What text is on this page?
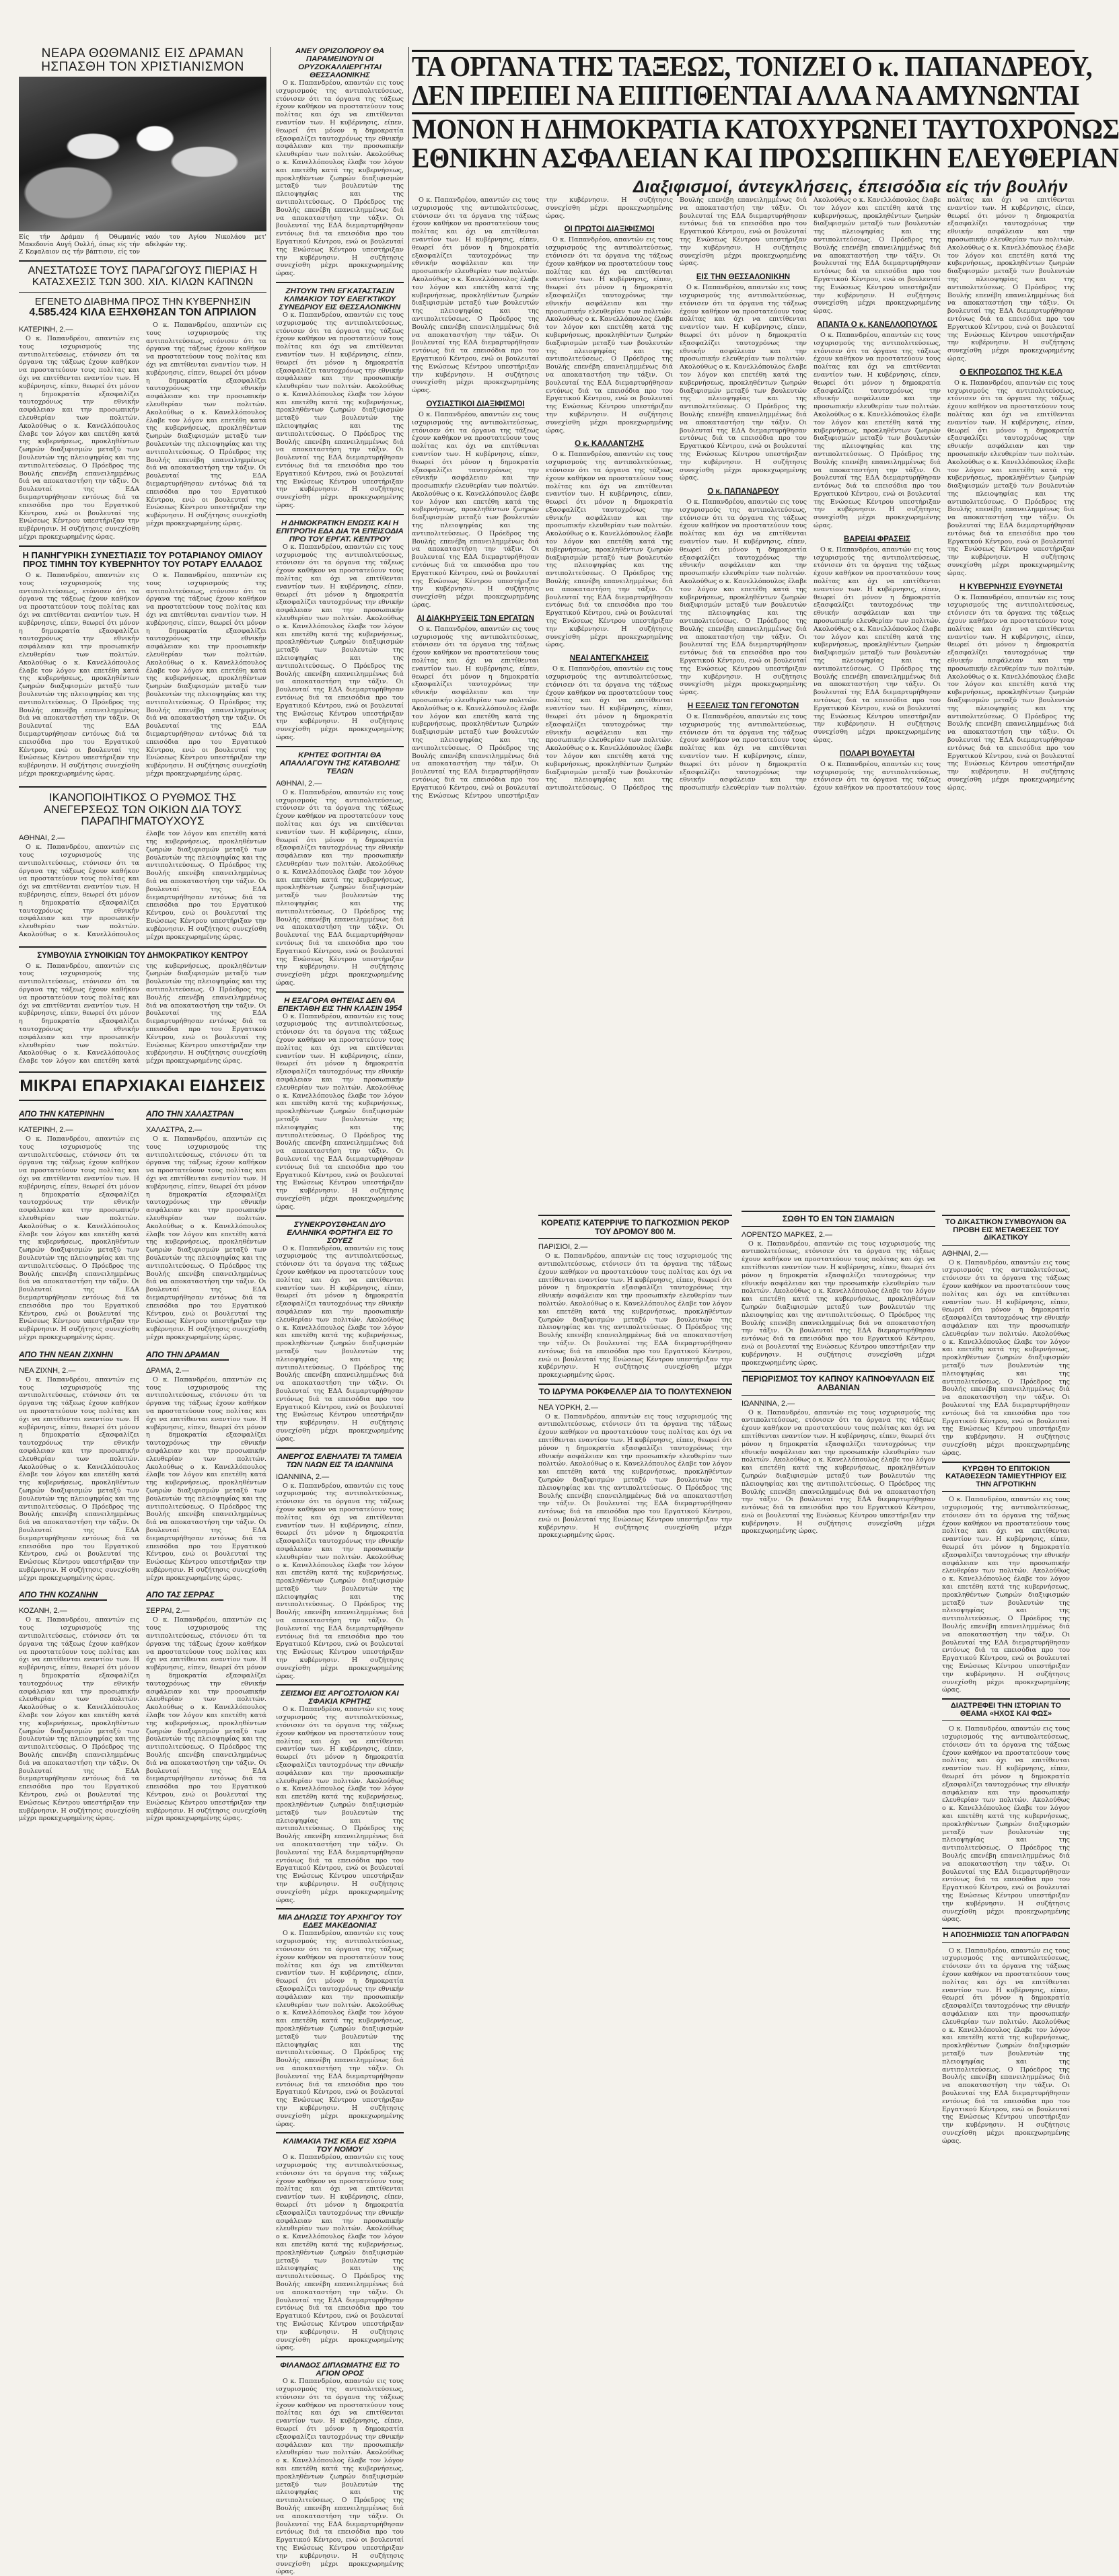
ΝΕΑΡΑ ΘΩΘΜΑΝΙΣ ΕΙΣ ΔΡΑΜΑΝ ΗΣΠΑΣΘΗ ΤΟΝ ΧΡΙΣΤΙΑΝΙΣΜΟΝ

Είς τήν Δράμαν ή Όθωμανίς Μακεδονία Αυγή Ουλλή, όπως είς τήν Ζ Κεφαλαιον εις τήν βάπτισιν, είς τον ναόν του Αγίου Νικολάου μετ' αδελφών της.

ΑΝΕΣΤΑΤΩΣΕ ΤΟΥΣ ΠΑΡΑΓΩΓΟΥΣ ΠΙΕΡΙΑΣ Η ΚΑΤΑΣΧΕΣΙΣ ΤΩΝ 300. ΧΙΛ. ΚΙΛΩΝ ΚΑΠΝΩΝ
ΕΓΕΝΕΤΟ ΔΙΑΒΗΜΑ ΠΡΟΣ ΤΗΝ ΚΥΒΕΡΝΗΣΙΝ
4.585.424 ΚΙΛΑ ΕΞΗΧΘΗΣΑΝ ΤΟΝ ΑΠΡΙΛΙΟΝ
ΚΑΤΕΡΙΝΗ, 2.—

Ο κ. Παπανδρέου, απαντών εις τους ισχυρισμούς της αντιπολιτεύσεως, ετόνισεν ότι τα όργανα της τάξεως έχουν καθήκον να προστατεύουν τους πολίτας και όχι να επιτίθενται εναντίον των. Η κυβέρνησις, είπεν, θεωρεί ότι μόνον η δημοκρατία εξασφαλίζει ταυτοχρόνως την εθνικήν ασφάλειαν και την προσωπικήν ελευθερίαν των πολιτών. Ακολούθως ο κ. Κανελλόπουλος έλαβε τον λόγον και επετέθη κατά της κυβερνήσεως, προκληθέντων ζωηρών διαξιφισμών μεταξύ των βουλευτών της πλειοψηφίας και της αντιπολιτεύσεως. Ο Πρόεδρος της Βουλής επενέβη επανειλημμένως διά να αποκαταστήση την τάξιν. Οι βουλευταί της ΕΔΑ διεμαρτυρήθησαν εντόνως διά τα επεισόδια προ του Εργατικού Κέντρου, ενώ οι βουλευταί της Ενώσεως Κέντρου υπεστήριξαν την κυβέρνησιν. Η συζήτησις συνεχίσθη μέχρι προκεχωρημένης ώρας.

Ο κ. Παπανδρέου, απαντών εις τους ισχυρισμούς της αντιπολιτεύσεως, ετόνισεν ότι τα όργανα της τάξεως έχουν καθήκον να προστατεύουν τους πολίτας και όχι να επιτίθενται εναντίον των. Η κυβέρνησις, είπεν, θεωρεί ότι μόνον η δημοκρατία εξασφαλίζει ταυτοχρόνως την εθνικήν ασφάλειαν και την προσωπικήν ελευθερίαν των πολιτών. Ακολούθως ο κ. Κανελλόπουλος έλαβε τον λόγον και επετέθη κατά της κυβερνήσεως, προκληθέντων ζωηρών διαξιφισμών μεταξύ των βουλευτών της πλειοψηφίας και της αντιπολιτεύσεως. Ο Πρόεδρος της Βουλής επενέβη επανειλημμένως διά να αποκαταστήση την τάξιν. Οι βουλευταί της ΕΔΑ διεμαρτυρήθησαν εντόνως διά τα επεισόδια προ του Εργατικού Κέντρου, ενώ οι βουλευταί της Ενώσεως Κέντρου υπεστήριξαν την κυβέρνησιν. Η συζήτησις συνεχίσθη μέχρι προκεχωρημένης ώρας.

Η ΠΑΝΗΓΥΡΙΚΗ ΣΥΝΕΣΤΙΑΣΙΣ ΤΟΥ ΡΟΤΑΡΙΑΝΟΥ ΟΜΙΛΟΥ ΠΡΟΣ ΤΙΜΗΝ ΤΟΥ ΚΥΒΕΡΝΗΤΟΥ ΤΟΥ ΡΟΤΑΡΥ ΕΛΛΑΔΟΣ

Ο κ. Παπανδρέου, απαντών εις τους ισχυρισμούς της αντιπολιτεύσεως, ετόνισεν ότι τα όργανα της τάξεως έχουν καθήκον να προστατεύουν τους πολίτας και όχι να επιτίθενται εναντίον των. Η κυβέρνησις, είπεν, θεωρεί ότι μόνον η δημοκρατία εξασφαλίζει ταυτοχρόνως την εθνικήν ασφάλειαν και την προσωπικήν ελευθερίαν των πολιτών. Ακολούθως ο κ. Κανελλόπουλος έλαβε τον λόγον και επετέθη κατά της κυβερνήσεως, προκληθέντων ζωηρών διαξιφισμών μεταξύ των βουλευτών της πλειοψηφίας και της αντιπολιτεύσεως. Ο Πρόεδρος της Βουλής επενέβη επανειλημμένως διά να αποκαταστήση την τάξιν. Οι βουλευταί της ΕΔΑ διεμαρτυρήθησαν εντόνως διά τα επεισόδια προ του Εργατικού Κέντρου, ενώ οι βουλευταί της Ενώσεως Κέντρου υπεστήριξαν την κυβέρνησιν. Η συζήτησις συνεχίσθη μέχρι προκεχωρημένης ώρας.

Ο κ. Παπανδρέου, απαντών εις τους ισχυρισμούς της αντιπολιτεύσεως, ετόνισεν ότι τα όργανα της τάξεως έχουν καθήκον να προστατεύουν τους πολίτας και όχι να επιτίθενται εναντίον των. Η κυβέρνησις, είπεν, θεωρεί ότι μόνον η δημοκρατία εξασφαλίζει ταυτοχρόνως την εθνικήν ασφάλειαν και την προσωπικήν ελευθερίαν των πολιτών. Ακολούθως ο κ. Κανελλόπουλος έλαβε τον λόγον και επετέθη κατά της κυβερνήσεως, προκληθέντων ζωηρών διαξιφισμών μεταξύ των βουλευτών της πλειοψηφίας και της αντιπολιτεύσεως. Ο Πρόεδρος της Βουλής επενέβη επανειλημμένως διά να αποκαταστήση την τάξιν. Οι βουλευταί της ΕΔΑ διεμαρτυρήθησαν εντόνως διά τα επεισόδια προ του Εργατικού Κέντρου, ενώ οι βουλευταί της Ενώσεως Κέντρου υπεστήριξαν την κυβέρνησιν. Η συζήτησις συνεχίσθη μέχρι προκεχωρημένης ώρας.

ΙΚΑΝΟΠΟΙΗΤΙΚΟΣ Ο ΡΥΘΜΟΣ ΤΗΣ ΑΝΕΓΕΡΣΕΩΣ ΤΩΝ ΟΙΚΙΩΝ ΔΙΑ ΤΟΥΣ ΠΑΡΑΠΗΓΜΑΤΟΥΧΟΥΣ
ΑΘΗΝΑΙ, 2.—

Ο κ. Παπανδρέου, απαντών εις τους ισχυρισμούς της αντιπολιτεύσεως, ετόνισεν ότι τα όργανα της τάξεως έχουν καθήκον να προστατεύουν τους πολίτας και όχι να επιτίθενται εναντίον των. Η κυβέρνησις, είπεν, θεωρεί ότι μόνον η δημοκρατία εξασφαλίζει ταυτοχρόνως την εθνικήν ασφάλειαν και την προσωπικήν ελευθερίαν των πολιτών. Ακολούθως ο κ. Κανελλόπουλος έλαβε τον λόγον και επετέθη κατά της κυβερνήσεως, προκληθέντων ζωηρών διαξιφισμών μεταξύ των βουλευτών της πλειοψηφίας και της αντιπολιτεύσεως. Ο Πρόεδρος της Βουλής επενέβη επανειλημμένως διά να αποκαταστήση την τάξιν. Οι βουλευταί της ΕΔΑ διεμαρτυρήθησαν εντόνως διά τα επεισόδια προ του Εργατικού Κέντρου, ενώ οι βουλευταί της Ενώσεως Κέντρου υπεστήριξαν την κυβέρνησιν. Η συζήτησις συνεχίσθη μέχρι προκεχωρημένης ώρας.

ΣΥΜΒΟΥΛΙΑ ΣΥΝΟΙΚΙΩΝ ΤΟΥ ΔΗΜΟΚΡΑΤΙΚΟΥ ΚΕΝΤΡΟΥ

Ο κ. Παπανδρέου, απαντών εις τους ισχυρισμούς της αντιπολιτεύσεως, ετόνισεν ότι τα όργανα της τάξεως έχουν καθήκον να προστατεύουν τους πολίτας και όχι να επιτίθενται εναντίον των. Η κυβέρνησις, είπεν, θεωρεί ότι μόνον η δημοκρατία εξασφαλίζει ταυτοχρόνως την εθνικήν ασφάλειαν και την προσωπικήν ελευθερίαν των πολιτών. Ακολούθως ο κ. Κανελλόπουλος έλαβε τον λόγον και επετέθη κατά της κυβερνήσεως, προκληθέντων ζωηρών διαξιφισμών μεταξύ των βουλευτών της πλειοψηφίας και της αντιπολιτεύσεως. Ο Πρόεδρος της Βουλής επενέβη επανειλημμένως διά να αποκαταστήση την τάξιν. Οι βουλευταί της ΕΔΑ διεμαρτυρήθησαν εντόνως διά τα επεισόδια προ του Εργατικού Κέντρου, ενώ οι βουλευταί της Ενώσεως Κέντρου υπεστήριξαν την κυβέρνησιν. Η συζήτησις συνεχίσθη μέχρι προκεχωρημένης ώρας.

ΜΙΚΡΑΙ ΕΠΑΡΧΙΑΚΑΙ ΕΙΔΗΣΕΙΣ
ΑΠΟ ΤΗΝ ΚΑΤΕΡΙΝΗΝ
ΚΑΤΕΡΙΝΗ, 2.—

Ο κ. Παπανδρέου, απαντών εις τους ισχυρισμούς της αντιπολιτεύσεως, ετόνισεν ότι τα όργανα της τάξεως έχουν καθήκον να προστατεύουν τους πολίτας και όχι να επιτίθενται εναντίον των. Η κυβέρνησις, είπεν, θεωρεί ότι μόνον η δημοκρατία εξασφαλίζει ταυτοχρόνως την εθνικήν ασφάλειαν και την προσωπικήν ελευθερίαν των πολιτών. Ακολούθως ο κ. Κανελλόπουλος έλαβε τον λόγον και επετέθη κατά της κυβερνήσεως, προκληθέντων ζωηρών διαξιφισμών μεταξύ των βουλευτών της πλειοψηφίας και της αντιπολιτεύσεως. Ο Πρόεδρος της Βουλής επενέβη επανειλημμένως διά να αποκαταστήση την τάξιν. Οι βουλευταί της ΕΔΑ διεμαρτυρήθησαν εντόνως διά τα επεισόδια προ του Εργατικού Κέντρου, ενώ οι βουλευταί της Ενώσεως Κέντρου υπεστήριξαν την κυβέρνησιν. Η συζήτησις συνεχίσθη μέχρι προκεχωρημένης ώρας.

ΑΠΟ ΤΗΝ ΝΕΑΝ ΖΙΧΝΗΝ
ΝΕΑ ΖΙΧΝΗ, 2.—

Ο κ. Παπανδρέου, απαντών εις τους ισχυρισμούς της αντιπολιτεύσεως, ετόνισεν ότι τα όργανα της τάξεως έχουν καθήκον να προστατεύουν τους πολίτας και όχι να επιτίθενται εναντίον των. Η κυβέρνησις, είπεν, θεωρεί ότι μόνον η δημοκρατία εξασφαλίζει ταυτοχρόνως την εθνικήν ασφάλειαν και την προσωπικήν ελευθερίαν των πολιτών. Ακολούθως ο κ. Κανελλόπουλος έλαβε τον λόγον και επετέθη κατά της κυβερνήσεως, προκληθέντων ζωηρών διαξιφισμών μεταξύ των βουλευτών της πλειοψηφίας και της αντιπολιτεύσεως. Ο Πρόεδρος της Βουλής επενέβη επανειλημμένως διά να αποκαταστήση την τάξιν. Οι βουλευταί της ΕΔΑ διεμαρτυρήθησαν εντόνως διά τα επεισόδια προ του Εργατικού Κέντρου, ενώ οι βουλευταί της Ενώσεως Κέντρου υπεστήριξαν την κυβέρνησιν. Η συζήτησις συνεχίσθη μέχρι προκεχωρημένης ώρας.

ΑΠΟ ΤΗΝ ΚΟΖΑΝΗΝ
ΚΟΖΑΝΗ, 2.—

Ο κ. Παπανδρέου, απαντών εις τους ισχυρισμούς της αντιπολιτεύσεως, ετόνισεν ότι τα όργανα της τάξεως έχουν καθήκον να προστατεύουν τους πολίτας και όχι να επιτίθενται εναντίον των. Η κυβέρνησις, είπεν, θεωρεί ότι μόνον η δημοκρατία εξασφαλίζει ταυτοχρόνως την εθνικήν ασφάλειαν και την προσωπικήν ελευθερίαν των πολιτών. Ακολούθως ο κ. Κανελλόπουλος έλαβε τον λόγον και επετέθη κατά της κυβερνήσεως, προκληθέντων ζωηρών διαξιφισμών μεταξύ των βουλευτών της πλειοψηφίας και της αντιπολιτεύσεως. Ο Πρόεδρος της Βουλής επενέβη επανειλημμένως διά να αποκαταστήση την τάξιν. Οι βουλευταί της ΕΔΑ διεμαρτυρήθησαν εντόνως διά τα επεισόδια προ του Εργατικού Κέντρου, ενώ οι βουλευταί της Ενώσεως Κέντρου υπεστήριξαν την κυβέρνησιν. Η συζήτησις συνεχίσθη μέχρι προκεχωρημένης ώρας.

ΑΠΟ ΤΗΝ ΧΑΛΑΣΤΡΑΝ
ΧΑΛΑΣΤΡΑ, 2.—

Ο κ. Παπανδρέου, απαντών εις τους ισχυρισμούς της αντιπολιτεύσεως, ετόνισεν ότι τα όργανα της τάξεως έχουν καθήκον να προστατεύουν τους πολίτας και όχι να επιτίθενται εναντίον των. Η κυβέρνησις, είπεν, θεωρεί ότι μόνον η δημοκρατία εξασφαλίζει ταυτοχρόνως την εθνικήν ασφάλειαν και την προσωπικήν ελευθερίαν των πολιτών. Ακολούθως ο κ. Κανελλόπουλος έλαβε τον λόγον και επετέθη κατά της κυβερνήσεως, προκληθέντων ζωηρών διαξιφισμών μεταξύ των βουλευτών της πλειοψηφίας και της αντιπολιτεύσεως. Ο Πρόεδρος της Βουλής επενέβη επανειλημμένως διά να αποκαταστήση την τάξιν. Οι βουλευταί της ΕΔΑ διεμαρτυρήθησαν εντόνως διά τα επεισόδια προ του Εργατικού Κέντρου, ενώ οι βουλευταί της Ενώσεως Κέντρου υπεστήριξαν την κυβέρνησιν. Η συζήτησις συνεχίσθη μέχρι προκεχωρημένης ώρας.

ΑΠΟ ΤΗΝ ΔΡΑΜΑΝ
ΔΡΑΜΑ, 2.—

Ο κ. Παπανδρέου, απαντών εις τους ισχυρισμούς της αντιπολιτεύσεως, ετόνισεν ότι τα όργανα της τάξεως έχουν καθήκον να προστατεύουν τους πολίτας και όχι να επιτίθενται εναντίον των. Η κυβέρνησις, είπεν, θεωρεί ότι μόνον η δημοκρατία εξασφαλίζει ταυτοχρόνως την εθνικήν ασφάλειαν και την προσωπικήν ελευθερίαν των πολιτών. Ακολούθως ο κ. Κανελλόπουλος έλαβε τον λόγον και επετέθη κατά της κυβερνήσεως, προκληθέντων ζωηρών διαξιφισμών μεταξύ των βουλευτών της πλειοψηφίας και της αντιπολιτεύσεως. Ο Πρόεδρος της Βουλής επενέβη επανειλημμένως διά να αποκαταστήση την τάξιν. Οι βουλευταί της ΕΔΑ διεμαρτυρήθησαν εντόνως διά τα επεισόδια προ του Εργατικού Κέντρου, ενώ οι βουλευταί της Ενώσεως Κέντρου υπεστήριξαν την κυβέρνησιν. Η συζήτησις συνεχίσθη μέχρι προκεχωρημένης ώρας.

ΑΠΟ ΤΑΣ ΣΕΡΡΑΣ
ΣΕΡΡΑΙ, 2.—

Ο κ. Παπανδρέου, απαντών εις τους ισχυρισμούς της αντιπολιτεύσεως, ετόνισεν ότι τα όργανα της τάξεως έχουν καθήκον να προστατεύουν τους πολίτας και όχι να επιτίθενται εναντίον των. Η κυβέρνησις, είπεν, θεωρεί ότι μόνον η δημοκρατία εξασφαλίζει ταυτοχρόνως την εθνικήν ασφάλειαν και την προσωπικήν ελευθερίαν των πολιτών. Ακολούθως ο κ. Κανελλόπουλος έλαβε τον λόγον και επετέθη κατά της κυβερνήσεως, προκληθέντων ζωηρών διαξιφισμών μεταξύ των βουλευτών της πλειοψηφίας και της αντιπολιτεύσεως. Ο Πρόεδρος της Βουλής επενέβη επανειλημμένως διά να αποκαταστήση την τάξιν. Οι βουλευταί της ΕΔΑ διεμαρτυρήθησαν εντόνως διά τα επεισόδια προ του Εργατικού Κέντρου, ενώ οι βουλευταί της Ενώσεως Κέντρου υπεστήριξαν την κυβέρνησιν. Η συζήτησις συνεχίσθη μέχρι προκεχωρημένης ώρας.

ΑΝΕΥ ΟΡΙΖΟΠΟΡΟΥ ΘΑ ΠΑΡΑΜΕΙΝΟΥΝ ΟΙ ΟΡΥΖΟΚΑΛΛΙΕΡΓΗΤΑΙ ΘΕΣΣΑΛΟΝΙΚΗΣ

Ο κ. Παπανδρέου, απαντών εις τους ισχυρισμούς της αντιπολιτεύσεως, ετόνισεν ότι τα όργανα της τάξεως έχουν καθήκον να προστατεύουν τους πολίτας και όχι να επιτίθενται εναντίον των. Η κυβέρνησις, είπεν, θεωρεί ότι μόνον η δημοκρατία εξασφαλίζει ταυτοχρόνως την εθνικήν ασφάλειαν και την προσωπικήν ελευθερίαν των πολιτών. Ακολούθως ο κ. Κανελλόπουλος έλαβε τον λόγον και επετέθη κατά της κυβερνήσεως, προκληθέντων ζωηρών διαξιφισμών μεταξύ των βουλευτών της πλειοψηφίας και της αντιπολιτεύσεως. Ο Πρόεδρος της Βουλής επενέβη επανειλημμένως διά να αποκαταστήση την τάξιν. Οι βουλευταί της ΕΔΑ διεμαρτυρήθησαν εντόνως διά τα επεισόδια προ του Εργατικού Κέντρου, ενώ οι βουλευταί της Ενώσεως Κέντρου υπεστήριξαν την κυβέρνησιν. Η συζήτησις συνεχίσθη μέχρι προκεχωρημένης ώρας.

ΖΗΤΟΥΝ ΤΗΝ ΕΓΚΑΤΑΣΤΑΣΙΝ ΚΛΙΜΑΚΙΟΥ ΤΟΥ ΕΛΕΓΚΤΙΚΟΥ ΣΥΝΕΔΡΙΟΥ ΕΙΣ ΘΕΣΣΑΛΟΝΙΚΗΝ

Ο κ. Παπανδρέου, απαντών εις τους ισχυρισμούς της αντιπολιτεύσεως, ετόνισεν ότι τα όργανα της τάξεως έχουν καθήκον να προστατεύουν τους πολίτας και όχι να επιτίθενται εναντίον των. Η κυβέρνησις, είπεν, θεωρεί ότι μόνον η δημοκρατία εξασφαλίζει ταυτοχρόνως την εθνικήν ασφάλειαν και την προσωπικήν ελευθερίαν των πολιτών. Ακολούθως ο κ. Κανελλόπουλος έλαβε τον λόγον και επετέθη κατά της κυβερνήσεως, προκληθέντων ζωηρών διαξιφισμών μεταξύ των βουλευτών της πλειοψηφίας και της αντιπολιτεύσεως. Ο Πρόεδρος της Βουλής επενέβη επανειλημμένως διά να αποκαταστήση την τάξιν. Οι βουλευταί της ΕΔΑ διεμαρτυρήθησαν εντόνως διά τα επεισόδια προ του Εργατικού Κέντρου, ενώ οι βουλευταί της Ενώσεως Κέντρου υπεστήριξαν την κυβέρνησιν. Η συζήτησις συνεχίσθη μέχρι προκεχωρημένης ώρας.

Η ΔΗΜΟΚΡΑΤΙΚΗ ΕΝΩΣΙΣ ΚΑΙ Η ΕΠΙΤΡΟΠΗ ΕΔΑ ΔΙΑ ΤΑ ΕΠΕΙΣΟΔΙΑ ΠΡΟ ΤΟΥ ΕΡΓΑΤ. ΚΕΝΤΡΟΥ

Ο κ. Παπανδρέου, απαντών εις τους ισχυρισμούς της αντιπολιτεύσεως, ετόνισεν ότι τα όργανα της τάξεως έχουν καθήκον να προστατεύουν τους πολίτας και όχι να επιτίθενται εναντίον των. Η κυβέρνησις, είπεν, θεωρεί ότι μόνον η δημοκρατία εξασφαλίζει ταυτοχρόνως την εθνικήν ασφάλειαν και την προσωπικήν ελευθερίαν των πολιτών. Ακολούθως ο κ. Κανελλόπουλος έλαβε τον λόγον και επετέθη κατά της κυβερνήσεως, προκληθέντων ζωηρών διαξιφισμών μεταξύ των βουλευτών της πλειοψηφίας και της αντιπολιτεύσεως. Ο Πρόεδρος της Βουλής επενέβη επανειλημμένως διά να αποκαταστήση την τάξιν. Οι βουλευταί της ΕΔΑ διεμαρτυρήθησαν εντόνως διά τα επεισόδια προ του Εργατικού Κέντρου, ενώ οι βουλευταί της Ενώσεως Κέντρου υπεστήριξαν την κυβέρνησιν. Η συζήτησις συνεχίσθη μέχρι προκεχωρημένης ώρας.

ΚΡΗΤΕΣ ΦΟΙΤΗΤΑΙ ΘΑ ΑΠΑΛΛΑΓΟΥΝ ΤΗΣ ΚΑΤΑΒΟΛΗΣ ΤΕΛΩΝ
ΑΘΗΝΑΙ, 2.—

Ο κ. Παπανδρέου, απαντών εις τους ισχυρισμούς της αντιπολιτεύσεως, ετόνισεν ότι τα όργανα της τάξεως έχουν καθήκον να προστατεύουν τους πολίτας και όχι να επιτίθενται εναντίον των. Η κυβέρνησις, είπεν, θεωρεί ότι μόνον η δημοκρατία εξασφαλίζει ταυτοχρόνως την εθνικήν ασφάλειαν και την προσωπικήν ελευθερίαν των πολιτών. Ακολούθως ο κ. Κανελλόπουλος έλαβε τον λόγον και επετέθη κατά της κυβερνήσεως, προκληθέντων ζωηρών διαξιφισμών μεταξύ των βουλευτών της πλειοψηφίας και της αντιπολιτεύσεως. Ο Πρόεδρος της Βουλής επενέβη επανειλημμένως διά να αποκαταστήση την τάξιν. Οι βουλευταί της ΕΔΑ διεμαρτυρήθησαν εντόνως διά τα επεισόδια προ του Εργατικού Κέντρου, ενώ οι βουλευταί της Ενώσεως Κέντρου υπεστήριξαν την κυβέρνησιν. Η συζήτησις συνεχίσθη μέχρι προκεχωρημένης ώρας.

Η ΕΞΑΓΟΡΑ ΘΗΤΕΙΑΣ ΔΕΝ ΘΑ ΕΠΕΚΤΑΘΗ ΕΙΣ ΤΗΝ ΚΛΑΣΙΝ 1954

Ο κ. Παπανδρέου, απαντών εις τους ισχυρισμούς της αντιπολιτεύσεως, ετόνισεν ότι τα όργανα της τάξεως έχουν καθήκον να προστατεύουν τους πολίτας και όχι να επιτίθενται εναντίον των. Η κυβέρνησις, είπεν, θεωρεί ότι μόνον η δημοκρατία εξασφαλίζει ταυτοχρόνως την εθνικήν ασφάλειαν και την προσωπικήν ελευθερίαν των πολιτών. Ακολούθως ο κ. Κανελλόπουλος έλαβε τον λόγον και επετέθη κατά της κυβερνήσεως, προκληθέντων ζωηρών διαξιφισμών μεταξύ των βουλευτών της πλειοψηφίας και της αντιπολιτεύσεως. Ο Πρόεδρος της Βουλής επενέβη επανειλημμένως διά να αποκαταστήση την τάξιν. Οι βουλευταί της ΕΔΑ διεμαρτυρήθησαν εντόνως διά τα επεισόδια προ του Εργατικού Κέντρου, ενώ οι βουλευταί της Ενώσεως Κέντρου υπεστήριξαν την κυβέρνησιν. Η συζήτησις συνεχίσθη μέχρι προκεχωρημένης ώρας.

ΣΥΝΕΚΡΟΥΣΘΗΣΑΝ ΔΥΟ ΕΛΛΗΝΙΚΑ ΦΟΡΤΗΓΑ ΕΙΣ ΤΟ ΣΟΥΕΖ

Ο κ. Παπανδρέου, απαντών εις τους ισχυρισμούς της αντιπολιτεύσεως, ετόνισεν ότι τα όργανα της τάξεως έχουν καθήκον να προστατεύουν τους πολίτας και όχι να επιτίθενται εναντίον των. Η κυβέρνησις, είπεν, θεωρεί ότι μόνον η δημοκρατία εξασφαλίζει ταυτοχρόνως την εθνικήν ασφάλειαν και την προσωπικήν ελευθερίαν των πολιτών. Ακολούθως ο κ. Κανελλόπουλος έλαβε τον λόγον και επετέθη κατά της κυβερνήσεως, προκληθέντων ζωηρών διαξιφισμών μεταξύ των βουλευτών της πλειοψηφίας και της αντιπολιτεύσεως. Ο Πρόεδρος της Βουλής επενέβη επανειλημμένως διά να αποκαταστήση την τάξιν. Οι βουλευταί της ΕΔΑ διεμαρτυρήθησαν εντόνως διά τα επεισόδια προ του Εργατικού Κέντρου, ενώ οι βουλευταί της Ενώσεως Κέντρου υπεστήριξαν την κυβέρνησιν. Η συζήτησις συνεχίσθη μέχρι προκεχωρημένης ώρας.

ΑΝΕΡΓΟΣ ΕΛΕΗΛΑΤΕΙ ΤΑ ΤΑΜΕΙΑ ΤΩΝ ΝΑΩΝ ΕΙΣ ΤΑ ΙΩΑΝΝΙΝΑ
ΙΩΑΝΝΙΝΑ, 2.—

Ο κ. Παπανδρέου, απαντών εις τους ισχυρισμούς της αντιπολιτεύσεως, ετόνισεν ότι τα όργανα της τάξεως έχουν καθήκον να προστατεύουν τους πολίτας και όχι να επιτίθενται εναντίον των. Η κυβέρνησις, είπεν, θεωρεί ότι μόνον η δημοκρατία εξασφαλίζει ταυτοχρόνως την εθνικήν ασφάλειαν και την προσωπικήν ελευθερίαν των πολιτών. Ακολούθως ο κ. Κανελλόπουλος έλαβε τον λόγον και επετέθη κατά της κυβερνήσεως, προκληθέντων ζωηρών διαξιφισμών μεταξύ των βουλευτών της πλειοψηφίας και της αντιπολιτεύσεως. Ο Πρόεδρος της Βουλής επενέβη επανειλημμένως διά να αποκαταστήση την τάξιν. Οι βουλευταί της ΕΔΑ διεμαρτυρήθησαν εντόνως διά τα επεισόδια προ του Εργατικού Κέντρου, ενώ οι βουλευταί της Ενώσεως Κέντρου υπεστήριξαν την κυβέρνησιν. Η συζήτησις συνεχίσθη μέχρι προκεχωρημένης ώρας.

ΣΕΙΣΜΟΙ ΕΙΣ ΑΡΓΟΣΤΟΛΙΟΝ ΚΑΙ ΣΦΑΚΙΑ ΚΡΗΤΗΣ

Ο κ. Παπανδρέου, απαντών εις τους ισχυρισμούς της αντιπολιτεύσεως, ετόνισεν ότι τα όργανα της τάξεως έχουν καθήκον να προστατεύουν τους πολίτας και όχι να επιτίθενται εναντίον των. Η κυβέρνησις, είπεν, θεωρεί ότι μόνον η δημοκρατία εξασφαλίζει ταυτοχρόνως την εθνικήν ασφάλειαν και την προσωπικήν ελευθερίαν των πολιτών. Ακολούθως ο κ. Κανελλόπουλος έλαβε τον λόγον και επετέθη κατά της κυβερνήσεως, προκληθέντων ζωηρών διαξιφισμών μεταξύ των βουλευτών της πλειοψηφίας και της αντιπολιτεύσεως. Ο Πρόεδρος της Βουλής επενέβη επανειλημμένως διά να αποκαταστήση την τάξιν. Οι βουλευταί της ΕΔΑ διεμαρτυρήθησαν εντόνως διά τα επεισόδια προ του Εργατικού Κέντρου, ενώ οι βουλευταί της Ενώσεως Κέντρου υπεστήριξαν την κυβέρνησιν. Η συζήτησις συνεχίσθη μέχρι προκεχωρημένης ώρας.

ΜΙΑ ΔΗΛΩΣΙΣ ΤΟΥ ΑΡΧΗΓΟΥ ΤΟΥ ΕΔΕΣ ΜΑΚΕΔΟΝΙΑΣ

Ο κ. Παπανδρέου, απαντών εις τους ισχυρισμούς της αντιπολιτεύσεως, ετόνισεν ότι τα όργανα της τάξεως έχουν καθήκον να προστατεύουν τους πολίτας και όχι να επιτίθενται εναντίον των. Η κυβέρνησις, είπεν, θεωρεί ότι μόνον η δημοκρατία εξασφαλίζει ταυτοχρόνως την εθνικήν ασφάλειαν και την προσωπικήν ελευθερίαν των πολιτών. Ακολούθως ο κ. Κανελλόπουλος έλαβε τον λόγον και επετέθη κατά της κυβερνήσεως, προκληθέντων ζωηρών διαξιφισμών μεταξύ των βουλευτών της πλειοψηφίας και της αντιπολιτεύσεως. Ο Πρόεδρος της Βουλής επενέβη επανειλημμένως διά να αποκαταστήση την τάξιν. Οι βουλευταί της ΕΔΑ διεμαρτυρήθησαν εντόνως διά τα επεισόδια προ του Εργατικού Κέντρου, ενώ οι βουλευταί της Ενώσεως Κέντρου υπεστήριξαν την κυβέρνησιν. Η συζήτησις συνεχίσθη μέχρι προκεχωρημένης ώρας.

ΚΛΙΜΑΚΙΑ ΤΗΣ ΚΕΑ ΕΙΣ ΧΩΡΙΑ ΤΟΥ ΝΟΜΟΥ

Ο κ. Παπανδρέου, απαντών εις τους ισχυρισμούς της αντιπολιτεύσεως, ετόνισεν ότι τα όργανα της τάξεως έχουν καθήκον να προστατεύουν τους πολίτας και όχι να επιτίθενται εναντίον των. Η κυβέρνησις, είπεν, θεωρεί ότι μόνον η δημοκρατία εξασφαλίζει ταυτοχρόνως την εθνικήν ασφάλειαν και την προσωπικήν ελευθερίαν των πολιτών. Ακολούθως ο κ. Κανελλόπουλος έλαβε τον λόγον και επετέθη κατά της κυβερνήσεως, προκληθέντων ζωηρών διαξιφισμών μεταξύ των βουλευτών της πλειοψηφίας και της αντιπολιτεύσεως. Ο Πρόεδρος της Βουλής επενέβη επανειλημμένως διά να αποκαταστήση την τάξιν. Οι βουλευταί της ΕΔΑ διεμαρτυρήθησαν εντόνως διά τα επεισόδια προ του Εργατικού Κέντρου, ενώ οι βουλευταί της Ενώσεως Κέντρου υπεστήριξαν την κυβέρνησιν. Η συζήτησις συνεχίσθη μέχρι προκεχωρημένης ώρας.

ΦΙΛΑΝΔΟΣ ΔΙΠΛΩΜΑΤΗΣ ΕΙΣ ΤΟ ΑΓΙΟΝ ΟΡΟΣ

Ο κ. Παπανδρέου, απαντών εις τους ισχυρισμούς της αντιπολιτεύσεως, ετόνισεν ότι τα όργανα της τάξεως έχουν καθήκον να προστατεύουν τους πολίτας και όχι να επιτίθενται εναντίον των. Η κυβέρνησις, είπεν, θεωρεί ότι μόνον η δημοκρατία εξασφαλίζει ταυτοχρόνως την εθνικήν ασφάλειαν και την προσωπικήν ελευθερίαν των πολιτών. Ακολούθως ο κ. Κανελλόπουλος έλαβε τον λόγον και επετέθη κατά της κυβερνήσεως, προκληθέντων ζωηρών διαξιφισμών μεταξύ των βουλευτών της πλειοψηφίας και της αντιπολιτεύσεως. Ο Πρόεδρος της Βουλής επενέβη επανειλημμένως διά να αποκαταστήση την τάξιν. Οι βουλευταί της ΕΔΑ διεμαρτυρήθησαν εντόνως διά τα επεισόδια προ του Εργατικού Κέντρου, ενώ οι βουλευταί της Ενώσεως Κέντρου υπεστήριξαν την κυβέρνησιν. Η συζήτησις συνεχίσθη μέχρι προκεχωρημένης ώρας.

ΤΑ ΟΡΓΑΝΑ ΤΗΣ ΤΑΞΕΩΣ, ΤΟΝΙΖΕΙ Ο κ. ΠΑΠΑΝΔΡΕΟΥ,

ΔΕΝ ΠΡΕΠΕΙ ΝΑ ΕΠΙΤΙΘΕΝΤΑΙ ΑΛΛΑ ΝΑ ΑΜΥΝΩΝΤΑΙ

ΜΟΝΟΝ Η ΔΗΜΟΚΡΑΤΙΑ ΚΑΤΟΧΥΡΩΝΕΙ ΤΑΥΤΟΧΡΟΝΩΣ

ΕΘΝΙΚΗΝ ΑΣΦΑΛΕΙΑΝ ΚΑΙ ΠΡΟΣΩΠΙΚΗΝ ΕΛΕΥΘΕΡΙΑΝ

Διαξιφισμοί, άντεγκλήσεις, έπεισόδια είς τήν βουλήν

Ο κ. Παπανδρέου, απαντών εις τους ισχυρισμούς της αντιπολιτεύσεως, ετόνισεν ότι τα όργανα της τάξεως έχουν καθήκον να προστατεύουν τους πολίτας και όχι να επιτίθενται εναντίον των. Η κυβέρνησις, είπεν, θεωρεί ότι μόνον η δημοκρατία εξασφαλίζει ταυτοχρόνως την εθνικήν ασφάλειαν και την προσωπικήν ελευθερίαν των πολιτών. Ακολούθως ο κ. Κανελλόπουλος έλαβε τον λόγον και επετέθη κατά της κυβερνήσεως, προκληθέντων ζωηρών διαξιφισμών μεταξύ των βουλευτών της πλειοψηφίας και της αντιπολιτεύσεως. Ο Πρόεδρος της Βουλής επενέβη επανειλημμένως διά να αποκαταστήση την τάξιν. Οι βουλευταί της ΕΔΑ διεμαρτυρήθησαν εντόνως διά τα επεισόδια προ του Εργατικού Κέντρου, ενώ οι βουλευταί της Ενώσεως Κέντρου υπεστήριξαν την κυβέρνησιν. Η συζήτησις συνεχίσθη μέχρι προκεχωρημένης ώρας.

ΟΥΣΙΑΣΤΙΚΟΙ ΔΙΑΞΙΦΙΣΜΟΙ

Ο κ. Παπανδρέου, απαντών εις τους ισχυρισμούς της αντιπολιτεύσεως, ετόνισεν ότι τα όργανα της τάξεως έχουν καθήκον να προστατεύουν τους πολίτας και όχι να επιτίθενται εναντίον των. Η κυβέρνησις, είπεν, θεωρεί ότι μόνον η δημοκρατία εξασφαλίζει ταυτοχρόνως την εθνικήν ασφάλειαν και την προσωπικήν ελευθερίαν των πολιτών. Ακολούθως ο κ. Κανελλόπουλος έλαβε τον λόγον και επετέθη κατά της κυβερνήσεως, προκληθέντων ζωηρών διαξιφισμών μεταξύ των βουλευτών της πλειοψηφίας και της αντιπολιτεύσεως. Ο Πρόεδρος της Βουλής επενέβη επανειλημμένως διά να αποκαταστήση την τάξιν. Οι βουλευταί της ΕΔΑ διεμαρτυρήθησαν εντόνως διά τα επεισόδια προ του Εργατικού Κέντρου, ενώ οι βουλευταί της Ενώσεως Κέντρου υπεστήριξαν την κυβέρνησιν. Η συζήτησις συνεχίσθη μέχρι προκεχωρημένης ώρας.

ΑΙ ΔΙΑΚΗΡΥΞΕΙΣ ΤΩΝ ΕΡΓΑΤΩΝ

Ο κ. Παπανδρέου, απαντών εις τους ισχυρισμούς της αντιπολιτεύσεως, ετόνισεν ότι τα όργανα της τάξεως έχουν καθήκον να προστατεύουν τους πολίτας και όχι να επιτίθενται εναντίον των. Η κυβέρνησις, είπεν, θεωρεί ότι μόνον η δημοκρατία εξασφαλίζει ταυτοχρόνως την εθνικήν ασφάλειαν και την προσωπικήν ελευθερίαν των πολιτών. Ακολούθως ο κ. Κανελλόπουλος έλαβε τον λόγον και επετέθη κατά της κυβερνήσεως, προκληθέντων ζωηρών διαξιφισμών μεταξύ των βουλευτών της πλειοψηφίας και της αντιπολιτεύσεως. Ο Πρόεδρος της Βουλής επενέβη επανειλημμένως διά να αποκαταστήση την τάξιν. Οι βουλευταί της ΕΔΑ διεμαρτυρήθησαν εντόνως διά τα επεισόδια προ του Εργατικού Κέντρου, ενώ οι βουλευταί της Ενώσεως Κέντρου υπεστήριξαν την κυβέρνησιν. Η συζήτησις συνεχίσθη μέχρι προκεχωρημένης ώρας.

ΟΙ ΠΡΩΤΟΙ ΔΙΑΞΙΦΙΣΜΟΙ

Ο κ. Παπανδρέου, απαντών εις τους ισχυρισμούς της αντιπολιτεύσεως, ετόνισεν ότι τα όργανα της τάξεως έχουν καθήκον να προστατεύουν τους πολίτας και όχι να επιτίθενται εναντίον των. Η κυβέρνησις, είπεν, θεωρεί ότι μόνον η δημοκρατία εξασφαλίζει ταυτοχρόνως την εθνικήν ασφάλειαν και την προσωπικήν ελευθερίαν των πολιτών. Ακολούθως ο κ. Κανελλόπουλος έλαβε τον λόγον και επετέθη κατά της κυβερνήσεως, προκληθέντων ζωηρών διαξιφισμών μεταξύ των βουλευτών της πλειοψηφίας και της αντιπολιτεύσεως. Ο Πρόεδρος της Βουλής επενέβη επανειλημμένως διά να αποκαταστήση την τάξιν. Οι βουλευταί της ΕΔΑ διεμαρτυρήθησαν εντόνως διά τα επεισόδια προ του Εργατικού Κέντρου, ενώ οι βουλευταί της Ενώσεως Κέντρου υπεστήριξαν την κυβέρνησιν. Η συζήτησις συνεχίσθη μέχρι προκεχωρημένης ώρας.

Ο κ. ΚΑΛΛΑΝΤΖΗΣ

Ο κ. Παπανδρέου, απαντών εις τους ισχυρισμούς της αντιπολιτεύσεως, ετόνισεν ότι τα όργανα της τάξεως έχουν καθήκον να προστατεύουν τους πολίτας και όχι να επιτίθενται εναντίον των. Η κυβέρνησις, είπεν, θεωρεί ότι μόνον η δημοκρατία εξασφαλίζει ταυτοχρόνως την εθνικήν ασφάλειαν και την προσωπικήν ελευθερίαν των πολιτών. Ακολούθως ο κ. Κανελλόπουλος έλαβε τον λόγον και επετέθη κατά της κυβερνήσεως, προκληθέντων ζωηρών διαξιφισμών μεταξύ των βουλευτών της πλειοψηφίας και της αντιπολιτεύσεως. Ο Πρόεδρος της Βουλής επενέβη επανειλημμένως διά να αποκαταστήση την τάξιν. Οι βουλευταί της ΕΔΑ διεμαρτυρήθησαν εντόνως διά τα επεισόδια προ του Εργατικού Κέντρου, ενώ οι βουλευταί της Ενώσεως Κέντρου υπεστήριξαν την κυβέρνησιν. Η συζήτησις συνεχίσθη μέχρι προκεχωρημένης ώρας.

ΝΕΑΙ ΑΝΤΕΓΚΛΗΣΕΙΣ

Ο κ. Παπανδρέου, απαντών εις τους ισχυρισμούς της αντιπολιτεύσεως, ετόνισεν ότι τα όργανα της τάξεως έχουν καθήκον να προστατεύουν τους πολίτας και όχι να επιτίθενται εναντίον των. Η κυβέρνησις, είπεν, θεωρεί ότι μόνον η δημοκρατία εξασφαλίζει ταυτοχρόνως την εθνικήν ασφάλειαν και την προσωπικήν ελευθερίαν των πολιτών. Ακολούθως ο κ. Κανελλόπουλος έλαβε τον λόγον και επετέθη κατά της κυβερνήσεως, προκληθέντων ζωηρών διαξιφισμών μεταξύ των βουλευτών της πλειοψηφίας και της αντιπολιτεύσεως. Ο Πρόεδρος της Βουλής επενέβη επανειλημμένως διά να αποκαταστήση την τάξιν. Οι βουλευταί της ΕΔΑ διεμαρτυρήθησαν εντόνως διά τα επεισόδια προ του Εργατικού Κέντρου, ενώ οι βουλευταί της Ενώσεως Κέντρου υπεστήριξαν την κυβέρνησιν. Η συζήτησις συνεχίσθη μέχρι προκεχωρημένης ώρας.

ΕΙΣ ΤΗΝ ΘΕΣΣΑΛΟΝΙΚΗΝ

Ο κ. Παπανδρέου, απαντών εις τους ισχυρισμούς της αντιπολιτεύσεως, ετόνισεν ότι τα όργανα της τάξεως έχουν καθήκον να προστατεύουν τους πολίτας και όχι να επιτίθενται εναντίον των. Η κυβέρνησις, είπεν, θεωρεί ότι μόνον η δημοκρατία εξασφαλίζει ταυτοχρόνως την εθνικήν ασφάλειαν και την προσωπικήν ελευθερίαν των πολιτών. Ακολούθως ο κ. Κανελλόπουλος έλαβε τον λόγον και επετέθη κατά της κυβερνήσεως, προκληθέντων ζωηρών διαξιφισμών μεταξύ των βουλευτών της πλειοψηφίας και της αντιπολιτεύσεως. Ο Πρόεδρος της Βουλής επενέβη επανειλημμένως διά να αποκαταστήση την τάξιν. Οι βουλευταί της ΕΔΑ διεμαρτυρήθησαν εντόνως διά τα επεισόδια προ του Εργατικού Κέντρου, ενώ οι βουλευταί της Ενώσεως Κέντρου υπεστήριξαν την κυβέρνησιν. Η συζήτησις συνεχίσθη μέχρι προκεχωρημένης ώρας.

Ο κ. ΠΑΠΑΝΔΡΕΟΥ

Ο κ. Παπανδρέου, απαντών εις τους ισχυρισμούς της αντιπολιτεύσεως, ετόνισεν ότι τα όργανα της τάξεως έχουν καθήκον να προστατεύουν τους πολίτας και όχι να επιτίθενται εναντίον των. Η κυβέρνησις, είπεν, θεωρεί ότι μόνον η δημοκρατία εξασφαλίζει ταυτοχρόνως την εθνικήν ασφάλειαν και την προσωπικήν ελευθερίαν των πολιτών. Ακολούθως ο κ. Κανελλόπουλος έλαβε τον λόγον και επετέθη κατά της κυβερνήσεως, προκληθέντων ζωηρών διαξιφισμών μεταξύ των βουλευτών της πλειοψηφίας και της αντιπολιτεύσεως. Ο Πρόεδρος της Βουλής επενέβη επανειλημμένως διά να αποκαταστήση την τάξιν. Οι βουλευταί της ΕΔΑ διεμαρτυρήθησαν εντόνως διά τα επεισόδια προ του Εργατικού Κέντρου, ενώ οι βουλευταί της Ενώσεως Κέντρου υπεστήριξαν την κυβέρνησιν. Η συζήτησις συνεχίσθη μέχρι προκεχωρημένης ώρας.

Η ΕΞΕΛΙΞΙΣ ΤΩΝ ΓΕΓΟΝΟΤΩΝ

Ο κ. Παπανδρέου, απαντών εις τους ισχυρισμούς της αντιπολιτεύσεως, ετόνισεν ότι τα όργανα της τάξεως έχουν καθήκον να προστατεύουν τους πολίτας και όχι να επιτίθενται εναντίον των. Η κυβέρνησις, είπεν, θεωρεί ότι μόνον η δημοκρατία εξασφαλίζει ταυτοχρόνως την εθνικήν ασφάλειαν και την προσωπικήν ελευθερίαν των πολιτών. Ακολούθως ο κ. Κανελλόπουλος έλαβε τον λόγον και επετέθη κατά της κυβερνήσεως, προκληθέντων ζωηρών διαξιφισμών μεταξύ των βουλευτών της πλειοψηφίας και της αντιπολιτεύσεως. Ο Πρόεδρος της Βουλής επενέβη επανειλημμένως διά να αποκαταστήση την τάξιν. Οι βουλευταί της ΕΔΑ διεμαρτυρήθησαν εντόνως διά τα επεισόδια προ του Εργατικού Κέντρου, ενώ οι βουλευταί της Ενώσεως Κέντρου υπεστήριξαν την κυβέρνησιν. Η συζήτησις συνεχίσθη μέχρι προκεχωρημένης ώρας.

ΑΠΑΝΤΑ Ο κ. ΚΑΝΕΛΛΟΠΟΥΛΟΣ

Ο κ. Παπανδρέου, απαντών εις τους ισχυρισμούς της αντιπολιτεύσεως, ετόνισεν ότι τα όργανα της τάξεως έχουν καθήκον να προστατεύουν τους πολίτας και όχι να επιτίθενται εναντίον των. Η κυβέρνησις, είπεν, θεωρεί ότι μόνον η δημοκρατία εξασφαλίζει ταυτοχρόνως την εθνικήν ασφάλειαν και την προσωπικήν ελευθερίαν των πολιτών. Ακολούθως ο κ. Κανελλόπουλος έλαβε τον λόγον και επετέθη κατά της κυβερνήσεως, προκληθέντων ζωηρών διαξιφισμών μεταξύ των βουλευτών της πλειοψηφίας και της αντιπολιτεύσεως. Ο Πρόεδρος της Βουλής επενέβη επανειλημμένως διά να αποκαταστήση την τάξιν. Οι βουλευταί της ΕΔΑ διεμαρτυρήθησαν εντόνως διά τα επεισόδια προ του Εργατικού Κέντρου, ενώ οι βουλευταί της Ενώσεως Κέντρου υπεστήριξαν την κυβέρνησιν. Η συζήτησις συνεχίσθη μέχρι προκεχωρημένης ώρας.

ΒΑΡΕΙΑΙ ΦΡΑΣΕΙΣ

Ο κ. Παπανδρέου, απαντών εις τους ισχυρισμούς της αντιπολιτεύσεως, ετόνισεν ότι τα όργανα της τάξεως έχουν καθήκον να προστατεύουν τους πολίτας και όχι να επιτίθενται εναντίον των. Η κυβέρνησις, είπεν, θεωρεί ότι μόνον η δημοκρατία εξασφαλίζει ταυτοχρόνως την εθνικήν ασφάλειαν και την προσωπικήν ελευθερίαν των πολιτών. Ακολούθως ο κ. Κανελλόπουλος έλαβε τον λόγον και επετέθη κατά της κυβερνήσεως, προκληθέντων ζωηρών διαξιφισμών μεταξύ των βουλευτών της πλειοψηφίας και της αντιπολιτεύσεως. Ο Πρόεδρος της Βουλής επενέβη επανειλημμένως διά να αποκαταστήση την τάξιν. Οι βουλευταί της ΕΔΑ διεμαρτυρήθησαν εντόνως διά τα επεισόδια προ του Εργατικού Κέντρου, ενώ οι βουλευταί της Ενώσεως Κέντρου υπεστήριξαν την κυβέρνησιν. Η συζήτησις συνεχίσθη μέχρι προκεχωρημένης ώρας.

ΠΟΛΑΡΙ ΒΟΥΛΕΥΤΑΙ

Ο κ. Παπανδρέου, απαντών εις τους ισχυρισμούς της αντιπολιτεύσεως, ετόνισεν ότι τα όργανα της τάξεως έχουν καθήκον να προστατεύουν τους πολίτας και όχι να επιτίθενται εναντίον των. Η κυβέρνησις, είπεν, θεωρεί ότι μόνον η δημοκρατία εξασφαλίζει ταυτοχρόνως την εθνικήν ασφάλειαν και την προσωπικήν ελευθερίαν των πολιτών. Ακολούθως ο κ. Κανελλόπουλος έλαβε τον λόγον και επετέθη κατά της κυβερνήσεως, προκληθέντων ζωηρών διαξιφισμών μεταξύ των βουλευτών της πλειοψηφίας και της αντιπολιτεύσεως. Ο Πρόεδρος της Βουλής επενέβη επανειλημμένως διά να αποκαταστήση την τάξιν. Οι βουλευταί της ΕΔΑ διεμαρτυρήθησαν εντόνως διά τα επεισόδια προ του Εργατικού Κέντρου, ενώ οι βουλευταί της Ενώσεως Κέντρου υπεστήριξαν την κυβέρνησιν. Η συζήτησις συνεχίσθη μέχρι προκεχωρημένης ώρας.

Ο ΕΚΠΡΟΣΩΠΟΣ ΤΗΣ Κ.Ε.Α

Ο κ. Παπανδρέου, απαντών εις τους ισχυρισμούς της αντιπολιτεύσεως, ετόνισεν ότι τα όργανα της τάξεως έχουν καθήκον να προστατεύουν τους πολίτας και όχι να επιτίθενται εναντίον των. Η κυβέρνησις, είπεν, θεωρεί ότι μόνον η δημοκρατία εξασφαλίζει ταυτοχρόνως την εθνικήν ασφάλειαν και την προσωπικήν ελευθερίαν των πολιτών. Ακολούθως ο κ. Κανελλόπουλος έλαβε τον λόγον και επετέθη κατά της κυβερνήσεως, προκληθέντων ζωηρών διαξιφισμών μεταξύ των βουλευτών της πλειοψηφίας και της αντιπολιτεύσεως. Ο Πρόεδρος της Βουλής επενέβη επανειλημμένως διά να αποκαταστήση την τάξιν. Οι βουλευταί της ΕΔΑ διεμαρτυρήθησαν εντόνως διά τα επεισόδια προ του Εργατικού Κέντρου, ενώ οι βουλευταί της Ενώσεως Κέντρου υπεστήριξαν την κυβέρνησιν. Η συζήτησις συνεχίσθη μέχρι προκεχωρημένης ώρας.

Η ΚΥΒΕΡΝΗΣΙΣ ΕΥΘΥΝΕΤΑΙ

Ο κ. Παπανδρέου, απαντών εις τους ισχυρισμούς της αντιπολιτεύσεως, ετόνισεν ότι τα όργανα της τάξεως έχουν καθήκον να προστατεύουν τους πολίτας και όχι να επιτίθενται εναντίον των. Η κυβέρνησις, είπεν, θεωρεί ότι μόνον η δημοκρατία εξασφαλίζει ταυτοχρόνως την εθνικήν ασφάλειαν και την προσωπικήν ελευθερίαν των πολιτών. Ακολούθως ο κ. Κανελλόπουλος έλαβε τον λόγον και επετέθη κατά της κυβερνήσεως, προκληθέντων ζωηρών διαξιφισμών μεταξύ των βουλευτών της πλειοψηφίας και της αντιπολιτεύσεως. Ο Πρόεδρος της Βουλής επενέβη επανειλημμένως διά να αποκαταστήση την τάξιν. Οι βουλευταί της ΕΔΑ διεμαρτυρήθησαν εντόνως διά τα επεισόδια προ του Εργατικού Κέντρου, ενώ οι βουλευταί της Ενώσεως Κέντρου υπεστήριξαν την κυβέρνησιν. Η συζήτησις συνεχίσθη μέχρι προκεχωρημένης ώρας.

ΚΟΡΕΑΤΙΣ ΚΑΤΕΡΡΙΨΕ ΤΟ ΠΑΓΚΟΣΜΙΟΝ ΡΕΚΟΡ ΤΟΥ ΔΡΟΜΟΥ 800 Μ.
ΠΑΡΙΣΙΟΙ, 2.—

Ο κ. Παπανδρέου, απαντών εις τους ισχυρισμούς της αντιπολιτεύσεως, ετόνισεν ότι τα όργανα της τάξεως έχουν καθήκον να προστατεύουν τους πολίτας και όχι να επιτίθενται εναντίον των. Η κυβέρνησις, είπεν, θεωρεί ότι μόνον η δημοκρατία εξασφαλίζει ταυτοχρόνως την εθνικήν ασφάλειαν και την προσωπικήν ελευθερίαν των πολιτών. Ακολούθως ο κ. Κανελλόπουλος έλαβε τον λόγον και επετέθη κατά της κυβερνήσεως, προκληθέντων ζωηρών διαξιφισμών μεταξύ των βουλευτών της πλειοψηφίας και της αντιπολιτεύσεως. Ο Πρόεδρος της Βουλής επενέβη επανειλημμένως διά να αποκαταστήση την τάξιν. Οι βουλευταί της ΕΔΑ διεμαρτυρήθησαν εντόνως διά τα επεισόδια προ του Εργατικού Κέντρου, ενώ οι βουλευταί της Ενώσεως Κέντρου υπεστήριξαν την κυβέρνησιν. Η συζήτησις συνεχίσθη μέχρι προκεχωρημένης ώρας.

ΤΟ ΙΔΡΥΜΑ ΡΟΚΦΕΛΛΕΡ ΔΙΑ ΤΟ ΠΟΛΥΤΕΧΝΕΙΟΝ
ΝΕΑ ΥΟΡΚΗ, 2.—

Ο κ. Παπανδρέου, απαντών εις τους ισχυρισμούς της αντιπολιτεύσεως, ετόνισεν ότι τα όργανα της τάξεως έχουν καθήκον να προστατεύουν τους πολίτας και όχι να επιτίθενται εναντίον των. Η κυβέρνησις, είπεν, θεωρεί ότι μόνον η δημοκρατία εξασφαλίζει ταυτοχρόνως την εθνικήν ασφάλειαν και την προσωπικήν ελευθερίαν των πολιτών. Ακολούθως ο κ. Κανελλόπουλος έλαβε τον λόγον και επετέθη κατά της κυβερνήσεως, προκληθέντων ζωηρών διαξιφισμών μεταξύ των βουλευτών της πλειοψηφίας και της αντιπολιτεύσεως. Ο Πρόεδρος της Βουλής επενέβη επανειλημμένως διά να αποκαταστήση την τάξιν. Οι βουλευταί της ΕΔΑ διεμαρτυρήθησαν εντόνως διά τα επεισόδια προ του Εργατικού Κέντρου, ενώ οι βουλευταί της Ενώσεως Κέντρου υπεστήριξαν την κυβέρνησιν. Η συζήτησις συνεχίσθη μέχρι προκεχωρημένης ώρας.

ΣΩΘΗ ΤΟ ΕΝ ΤΩΝ ΣΙΑΜΑΙΩΝ
ΛΟΡΕΝΤΣΟ ΜΑΡΚΕΣ, 2.—

Ο κ. Παπανδρέου, απαντών εις τους ισχυρισμούς της αντιπολιτεύσεως, ετόνισεν ότι τα όργανα της τάξεως έχουν καθήκον να προστατεύουν τους πολίτας και όχι να επιτίθενται εναντίον των. Η κυβέρνησις, είπεν, θεωρεί ότι μόνον η δημοκρατία εξασφαλίζει ταυτοχρόνως την εθνικήν ασφάλειαν και την προσωπικήν ελευθερίαν των πολιτών. Ακολούθως ο κ. Κανελλόπουλος έλαβε τον λόγον και επετέθη κατά της κυβερνήσεως, προκληθέντων ζωηρών διαξιφισμών μεταξύ των βουλευτών της πλειοψηφίας και της αντιπολιτεύσεως. Ο Πρόεδρος της Βουλής επενέβη επανειλημμένως διά να αποκαταστήση την τάξιν. Οι βουλευταί της ΕΔΑ διεμαρτυρήθησαν εντόνως διά τα επεισόδια προ του Εργατικού Κέντρου, ενώ οι βουλευταί της Ενώσεως Κέντρου υπεστήριξαν την κυβέρνησιν. Η συζήτησις συνεχίσθη μέχρι προκεχωρημένης ώρας.

ΠΕΡΙΩΡΙΣΜΟΣ ΤΟΥ ΚΑΠΝΟΥ ΚΑΠΝΟΦΥΛΛΩΝ ΕΙΣ ΑΛΒΑΝΙΑΝ
ΙΩΑΝΝΙΝΑ, 2.—

Ο κ. Παπανδρέου, απαντών εις τους ισχυρισμούς της αντιπολιτεύσεως, ετόνισεν ότι τα όργανα της τάξεως έχουν καθήκον να προστατεύουν τους πολίτας και όχι να επιτίθενται εναντίον των. Η κυβέρνησις, είπεν, θεωρεί ότι μόνον η δημοκρατία εξασφαλίζει ταυτοχρόνως την εθνικήν ασφάλειαν και την προσωπικήν ελευθερίαν των πολιτών. Ακολούθως ο κ. Κανελλόπουλος έλαβε τον λόγον και επετέθη κατά της κυβερνήσεως, προκληθέντων ζωηρών διαξιφισμών μεταξύ των βουλευτών της πλειοψηφίας και της αντιπολιτεύσεως. Ο Πρόεδρος της Βουλής επενέβη επανειλημμένως διά να αποκαταστήση την τάξιν. Οι βουλευταί της ΕΔΑ διεμαρτυρήθησαν εντόνως διά τα επεισόδια προ του Εργατικού Κέντρου, ενώ οι βουλευταί της Ενώσεως Κέντρου υπεστήριξαν την κυβέρνησιν. Η συζήτησις συνεχίσθη μέχρι προκεχωρημένης ώρας.

ΤΟ ΔΙΚΑΣΤΙΚΟΝ ΣΥΜΒΟΥΛΙΟΝ ΘΑ ΠΡΟΒΗ ΕΙΣ ΜΕΤΑΘΕΣΕΙΣ ΤΟΥ ΔΙΚΑΣΤΙΚΟΥ
ΑΘΗΝΑΙ, 2.—

Ο κ. Παπανδρέου, απαντών εις τους ισχυρισμούς της αντιπολιτεύσεως, ετόνισεν ότι τα όργανα της τάξεως έχουν καθήκον να προστατεύουν τους πολίτας και όχι να επιτίθενται εναντίον των. Η κυβέρνησις, είπεν, θεωρεί ότι μόνον η δημοκρατία εξασφαλίζει ταυτοχρόνως την εθνικήν ασφάλειαν και την προσωπικήν ελευθερίαν των πολιτών. Ακολούθως ο κ. Κανελλόπουλος έλαβε τον λόγον και επετέθη κατά της κυβερνήσεως, προκληθέντων ζωηρών διαξιφισμών μεταξύ των βουλευτών της πλειοψηφίας και της αντιπολιτεύσεως. Ο Πρόεδρος της Βουλής επενέβη επανειλημμένως διά να αποκαταστήση την τάξιν. Οι βουλευταί της ΕΔΑ διεμαρτυρήθησαν εντόνως διά τα επεισόδια προ του Εργατικού Κέντρου, ενώ οι βουλευταί της Ενώσεως Κέντρου υπεστήριξαν την κυβέρνησιν. Η συζήτησις συνεχίσθη μέχρι προκεχωρημένης ώρας.

ΚΥΡΩΘΗ ΤΟ ΕΠΙΤΟΚΙΟΝ ΚΑΤΑΘΕΣΕΩΝ ΤΑΜΙΕΥΤΗΡΙΟΥ ΕΙΣ ΤΗΝ ΑΓΡΟΤΙΚΗΝ

Ο κ. Παπανδρέου, απαντών εις τους ισχυρισμούς της αντιπολιτεύσεως, ετόνισεν ότι τα όργανα της τάξεως έχουν καθήκον να προστατεύουν τους πολίτας και όχι να επιτίθενται εναντίον των. Η κυβέρνησις, είπεν, θεωρεί ότι μόνον η δημοκρατία εξασφαλίζει ταυτοχρόνως την εθνικήν ασφάλειαν και την προσωπικήν ελευθερίαν των πολιτών. Ακολούθως ο κ. Κανελλόπουλος έλαβε τον λόγον και επετέθη κατά της κυβερνήσεως, προκληθέντων ζωηρών διαξιφισμών μεταξύ των βουλευτών της πλειοψηφίας και της αντιπολιτεύσεως. Ο Πρόεδρος της Βουλής επενέβη επανειλημμένως διά να αποκαταστήση την τάξιν. Οι βουλευταί της ΕΔΑ διεμαρτυρήθησαν εντόνως διά τα επεισόδια προ του Εργατικού Κέντρου, ενώ οι βουλευταί της Ενώσεως Κέντρου υπεστήριξαν την κυβέρνησιν. Η συζήτησις συνεχίσθη μέχρι προκεχωρημένης ώρας.

ΔΙΑΣΤΡΕΦΕΙ ΤΗΝ ΙΣΤΟΡΙΑΝ ΤΟ ΘΕΑΜΑ «ΗΧΟΣ ΚΑΙ ΦΩΣ»

Ο κ. Παπανδρέου, απαντών εις τους ισχυρισμούς της αντιπολιτεύσεως, ετόνισεν ότι τα όργανα της τάξεως έχουν καθήκον να προστατεύουν τους πολίτας και όχι να επιτίθενται εναντίον των. Η κυβέρνησις, είπεν, θεωρεί ότι μόνον η δημοκρατία εξασφαλίζει ταυτοχρόνως την εθνικήν ασφάλειαν και την προσωπικήν ελευθερίαν των πολιτών. Ακολούθως ο κ. Κανελλόπουλος έλαβε τον λόγον και επετέθη κατά της κυβερνήσεως, προκληθέντων ζωηρών διαξιφισμών μεταξύ των βουλευτών της πλειοψηφίας και της αντιπολιτεύσεως. Ο Πρόεδρος της Βουλής επενέβη επανειλημμένως διά να αποκαταστήση την τάξιν. Οι βουλευταί της ΕΔΑ διεμαρτυρήθησαν εντόνως διά τα επεισόδια προ του Εργατικού Κέντρου, ενώ οι βουλευταί της Ενώσεως Κέντρου υπεστήριξαν την κυβέρνησιν. Η συζήτησις συνεχίσθη μέχρι προκεχωρημένης ώρας.

Η ΑΠΟΣΗΜΙΩΣΙΣ ΤΩΝ ΑΠΟΓΡΑΦΩΝ

Ο κ. Παπανδρέου, απαντών εις τους ισχυρισμούς της αντιπολιτεύσεως, ετόνισεν ότι τα όργανα της τάξεως έχουν καθήκον να προστατεύουν τους πολίτας και όχι να επιτίθενται εναντίον των. Η κυβέρνησις, είπεν, θεωρεί ότι μόνον η δημοκρατία εξασφαλίζει ταυτοχρόνως την εθνικήν ασφάλειαν και την προσωπικήν ελευθερίαν των πολιτών. Ακολούθως ο κ. Κανελλόπουλος έλαβε τον λόγον και επετέθη κατά της κυβερνήσεως, προκληθέντων ζωηρών διαξιφισμών μεταξύ των βουλευτών της πλειοψηφίας και της αντιπολιτεύσεως. Ο Πρόεδρος της Βουλής επενέβη επανειλημμένως διά να αποκαταστήση την τάξιν. Οι βουλευταί της ΕΔΑ διεμαρτυρήθησαν εντόνως διά τα επεισόδια προ του Εργατικού Κέντρου, ενώ οι βουλευταί της Ενώσεως Κέντρου υπεστήριξαν την κυβέρνησιν. Η συζήτησις συνεχίσθη μέχρι προκεχωρημένης ώρας.
